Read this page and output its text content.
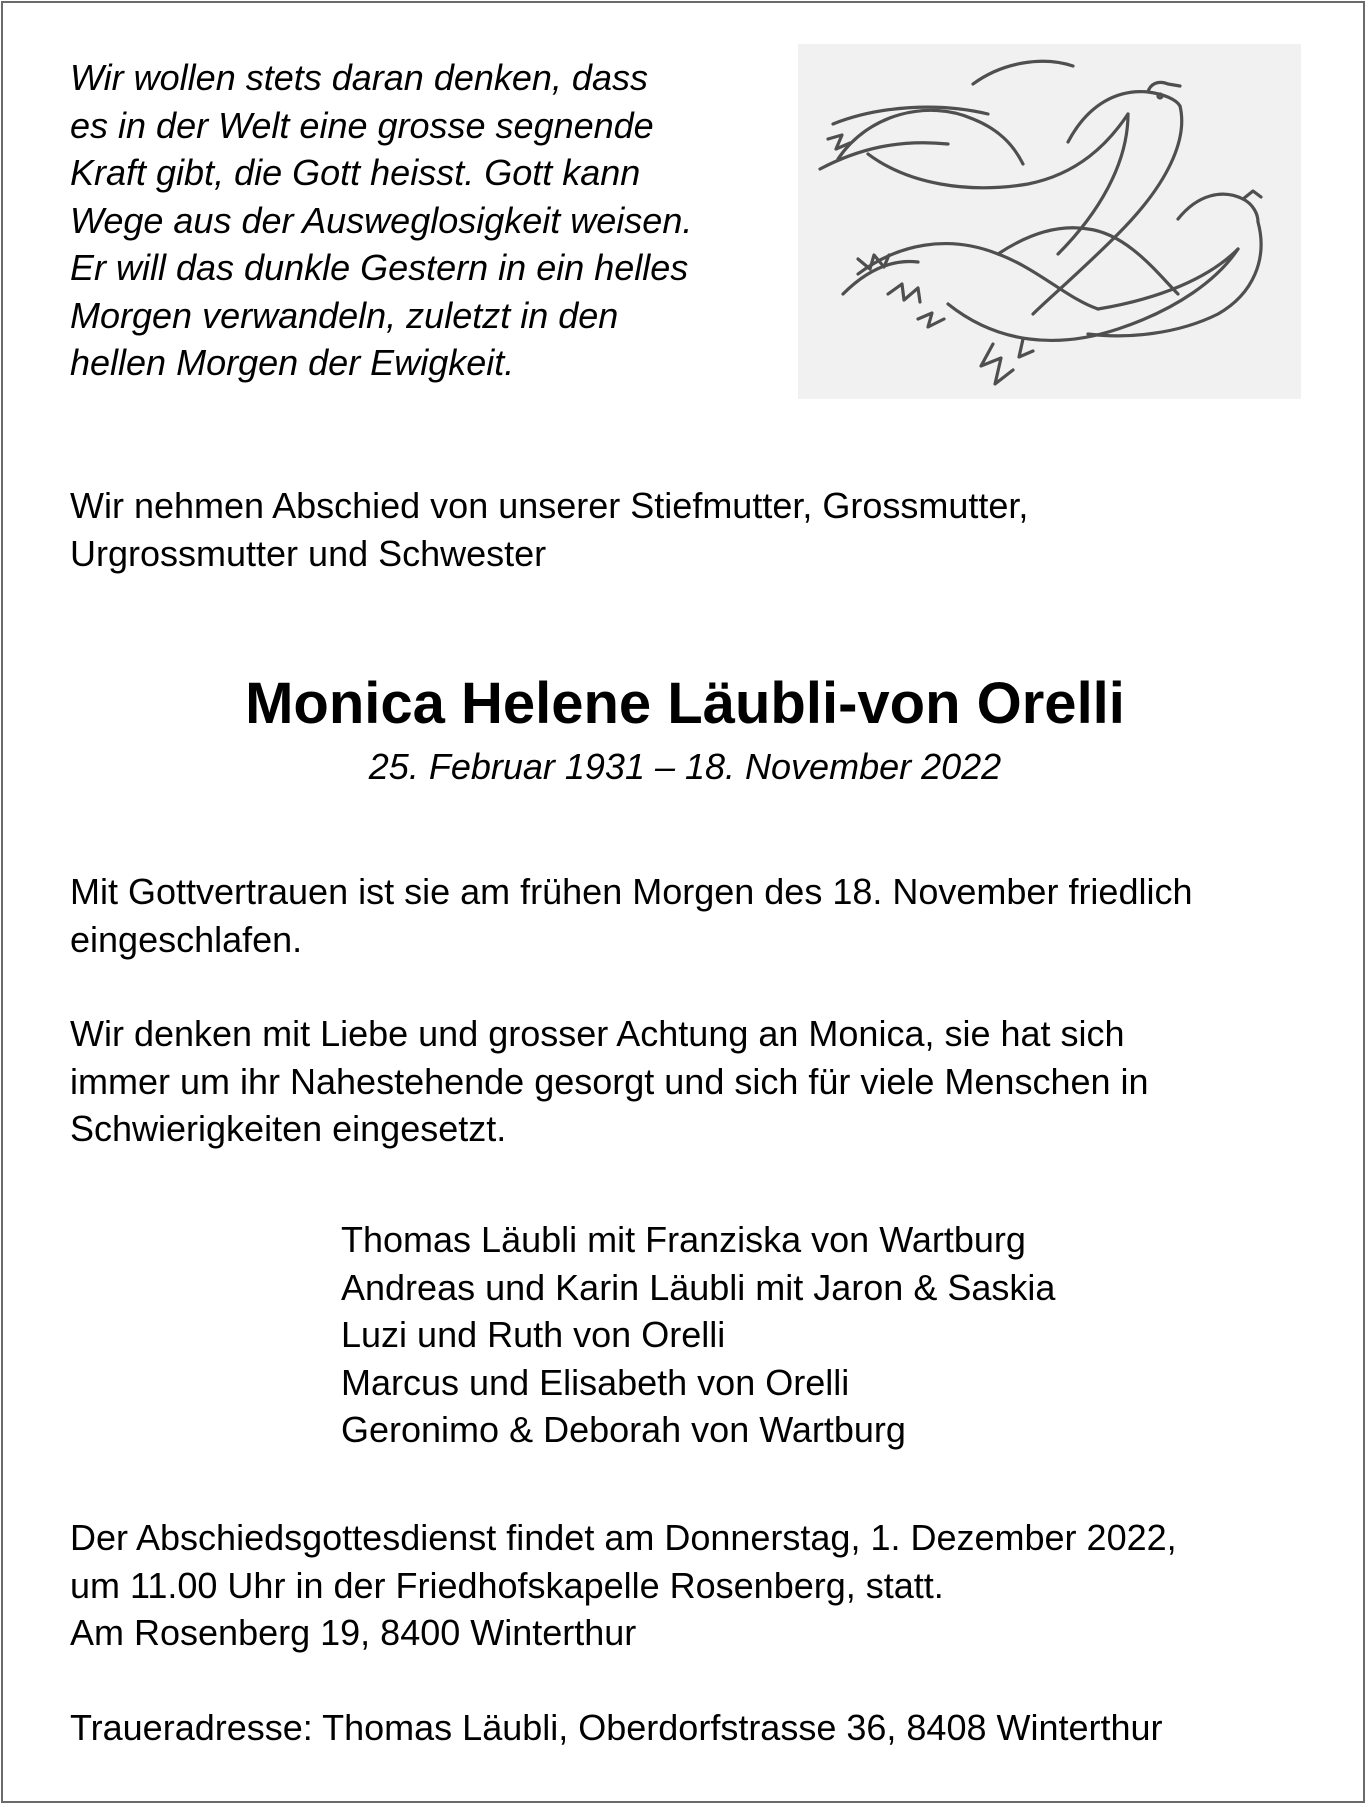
Wir wollen stets daran denken, dass
es in der Welt eine grosse segnende
Kraft gibt, die Gott heisst. Gott kann
Wege aus der Ausweglosigkeit weisen.
Er will das dunkle Gestern in ein helles
Morgen verwandeln, zuletzt in den
hellen Morgen der Ewigkeit.
Wir nehmen Abschied von unserer Stiefmutter, Grossmutter,
Urgrossmutter und Schwester
Monica Helene Läubli-von Orelli
25. Februar 1931 – 18. November 2022
Mit Gottvertrauen ist sie am frühen Morgen des 18. November friedlich
eingeschlafen.
Wir denken mit Liebe und grosser Achtung an Monica, sie hat sich
immer um ihr Nahestehende gesorgt und sich für viele Menschen in
Schwierigkeiten eingesetzt.
Thomas Läubli mit Franziska von Wartburg
Andreas und Karin Läubli mit Jaron & Saskia
Luzi und Ruth von Orelli
Marcus und Elisabeth von Orelli
Geronimo & Deborah von Wartburg
Der Abschiedsgottesdienst findet am Donnerstag, 1. Dezember 2022,
um 11.00 Uhr in der Friedhofskapelle Rosenberg, statt.
Am Rosenberg 19, 8400 Winterthur
Traueradresse: Thomas Läubli, Oberdorfstrasse 36, 8408 Winterthur
